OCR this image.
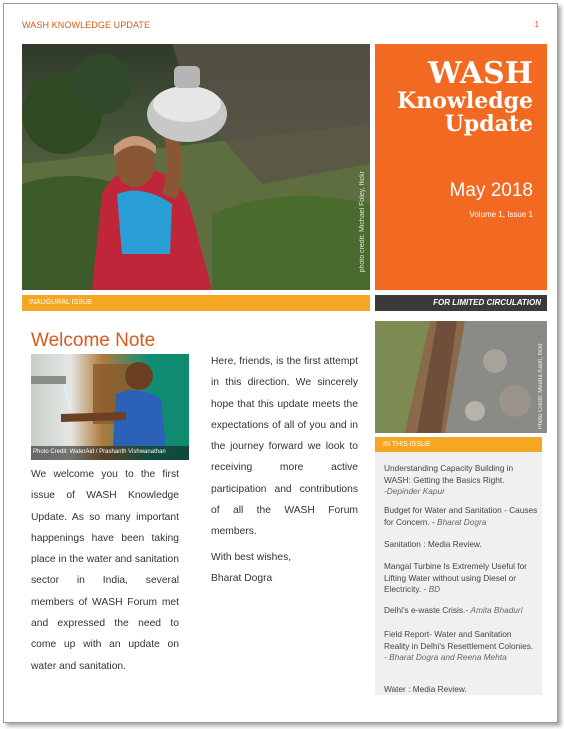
WASH KNOWLEDGE UPDATE	1
photo credit: Michael Foley, flickr
WASH
Knowledge
Update
May 2018
Volume 1, Issue 1
INAUGURAL ISSUE	FOR LIMITED CIRCULATION
Welcome Note
Photo Credit: WaterAid / Prashanth Vishwanathan
We welcome you to the first issue of WASH Knowledge Update. As so many important happenings have been taking place in the water and sanitation sector in India, several members of WASH Forum met and expressed the need to come up with an update on water and sanitation.
Here, friends, is the first attempt in this direction. We sincerely hope that this update meets the expectations of all of you and in the journey forward we look to receiving more active participation and contributions of all the WASH Forum members.
With best wishes,
Bharat Dogra
Photo Credit: Meena Kadri, flickr
IN THIS ISSUE
Understanding Capacity Building in WASH: Getting the Basics Right.
-Depinder Kapur
Budget for Water and Sanitation - Causes for Concern. - Bharat Dogra
Sanitation : Media Review.
Mangal Turbine Is Extremely Useful for Lifting Water without using Diesel or Electricity. - BD
Delhi's e-waste Crisis.- Amita Bhaduri
Field Report- Water and Sanitation Reality in Delhi's Resettlement Colonies.
- Bharat Dogra and Reena Mehta
Water : Media Review.
